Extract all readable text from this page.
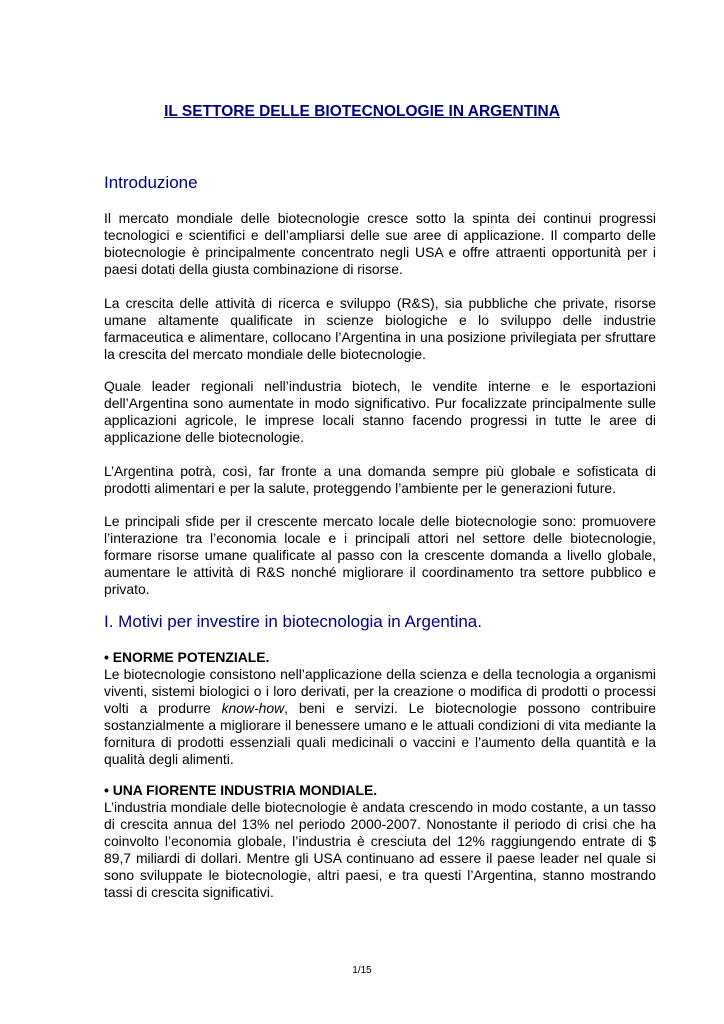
IL SETTORE DELLE BIOTECNOLOGIE IN ARGENTINA
Introduzione

Il mercato mondiale delle biotecnologie cresce sotto la spinta dei continui progressi tecnologici e scientifici e dell’ampliarsi delle sue aree di applicazione. Il comparto delle biotecnologie è principalmente concentrato negli USA e offre attraenti opportunità per i paesi dotati della giusta combinazione di risorse.

La crescita delle attività di ricerca e sviluppo (R&S), sia pubbliche che private, risorse umane altamente qualificate in scienze biologiche e lo sviluppo delle industrie farmaceutica e alimentare, collocano l’Argentina in una posizione privilegiata per sfruttare la crescita del mercato mondiale delle biotecnologie.

Quale leader regionali nell’industria biotech, le vendite interne e le esportazioni dell’Argentina sono aumentate in modo significativo. Pur focalizzate principalmente sulle applicazioni agricole, le imprese locali stanno facendo progressi in tutte le aree di applicazione delle biotecnologie.

L’Argentina potrà, così, far fronte a una domanda sempre più globale e sofisticata di prodotti alimentari e per la salute, proteggendo l’ambiente per le generazioni future.

Le principali sfide per il crescente mercato locale delle biotecnologie sono: promuovere l’interazione tra l’economia locale e i principali attori nel settore delle biotecnologie, formare risorse umane qualificate al passo con la crescente domanda a livello globale, aumentare le attività di R&S nonché migliorare il coordinamento tra settore pubblico e privato.

I. Motivi per investire in biotecnologia in Argentina.

• ENORME POTENZIALE.

Le biotecnologie consistono nell’applicazione della scienza e della tecnologia a organismi viventi, sistemi biologici o i loro derivati, per la creazione o modifica di prodotti o processi volti a produrre know-how, beni e servizi. Le biotecnologie possono contribuire sostanzialmente a migliorare il benessere umano e le attuali condizioni di vita mediante la fornitura di prodotti essenziali quali medicinali o vaccini e l’aumento della quantità e la qualità degli alimenti.

• UNA FIORENTE INDUSTRIA MONDIALE.

L’industria mondiale delle biotecnologie è andata crescendo in modo costante, a un tasso di crescita annua del 13% nel periodo 2000-2007. Nonostante il periodo di crisi che ha coinvolto l’economia globale, l’industria è cresciuta del 12% raggiungendo entrate di $ 89,7 miliardi di dollari. Mentre gli USA continuano ad essere il paese leader nel quale si sono sviluppate le biotecnologie, altri paesi, e tra questi l’Argentina, stanno mostrando tassi di crescita significativi.

1/15
